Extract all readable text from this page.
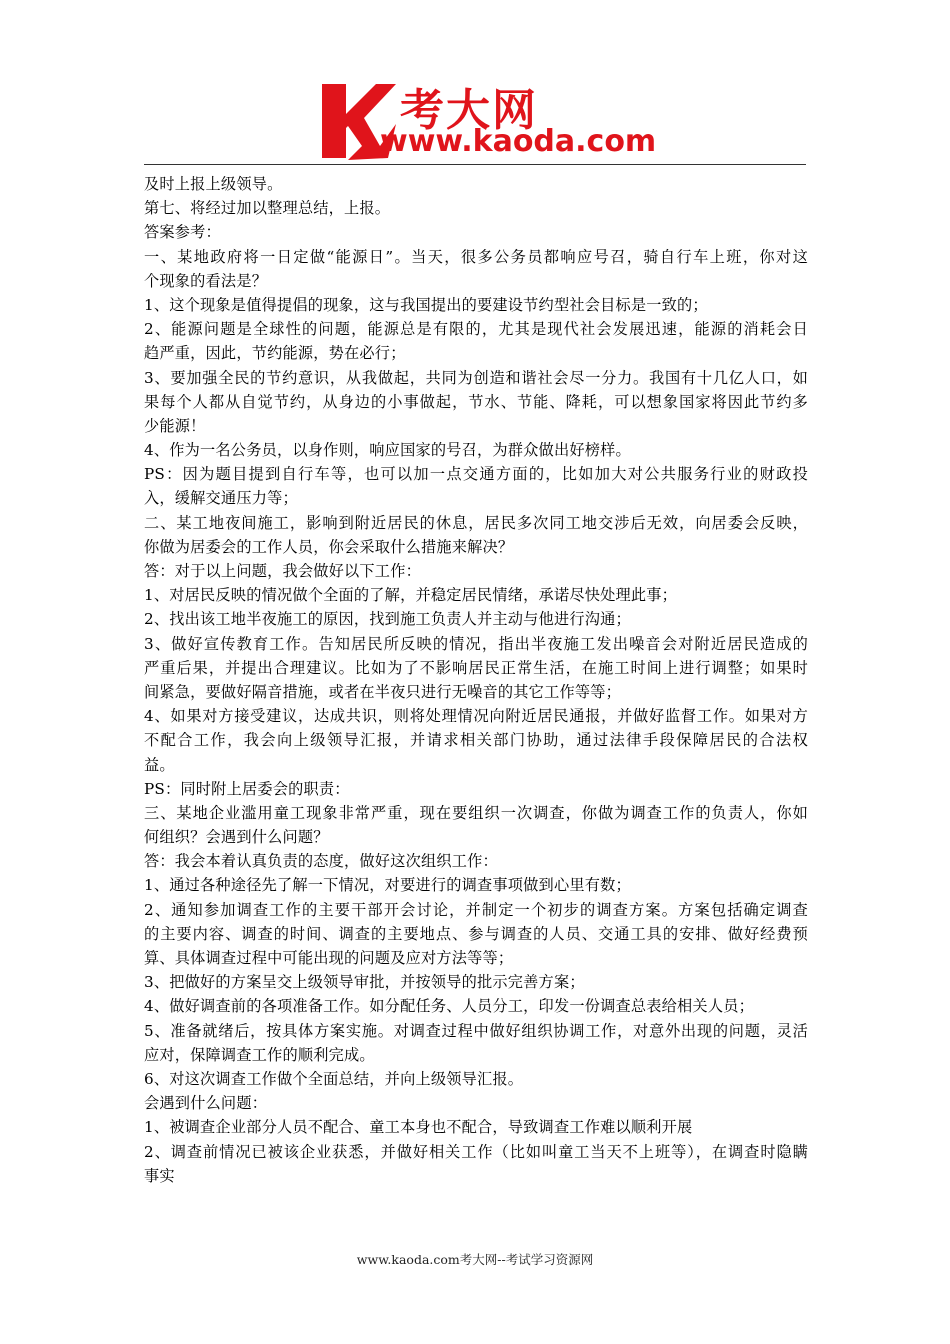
考大网
www.kaoda.com
及时上报上级领导。
第七、将经过加以整理总结，上报。
答案参考：
一、某地政府将一日定做“能源日”。当天，很多公务员都响应号召，骑自行车上班，你对这
个现象的看法是？
1、这个现象是值得提倡的现象，这与我国提出的要建设节约型社会目标是一致的；
2、能源问题是全球性的问题，能源总是有限的，尤其是现代社会发展迅速，能源的消耗会日
趋严重，因此，节约能源，势在必行；
3、要加强全民的节约意识，从我做起，共同为创造和谐社会尽一分力。我国有十几亿人口，如
果每个人都从自觉节约，从身边的小事做起，节水、节能、降耗，可以想象国家将因此节约多
少能源！
4、作为一名公务员，以身作则，响应国家的号召，为群众做出好榜样。
PS：因为题目提到自行车等，也可以加一点交通方面的，比如加大对公共服务行业的财政投
入，缓解交通压力等；
二、某工地夜间施工，影响到附近居民的休息，居民多次同工地交涉后无效，向居委会反映，
你做为居委会的工作人员，你会采取什么措施来解决？
答：对于以上问题，我会做好以下工作：
1、对居民反映的情况做个全面的了解，并稳定居民情绪，承诺尽快处理此事；
2、找出该工地半夜施工的原因，找到施工负责人并主动与他进行沟通；
3、做好宣传教育工作。告知居民所反映的情况，指出半夜施工发出噪音会对附近居民造成的
严重后果，并提出合理建议。比如为了不影响居民正常生活，在施工时间上进行调整；如果时
间紧急，要做好隔音措施，或者在半夜只进行无噪音的其它工作等等；
4、如果对方接受建议，达成共识，则将处理情况向附近居民通报，并做好监督工作。如果对方
不配合工作，我会向上级领导汇报，并请求相关部门协助，通过法律手段保障居民的合法权
益。
PS：同时附上居委会的职责：
三、某地企业滥用童工现象非常严重，现在要组织一次调查，你做为调查工作的负责人，你如
何组织？会遇到什么问题？
答：我会本着认真负责的态度，做好这次组织工作：
1、通过各种途径先了解一下情况，对要进行的调查事项做到心里有数；
2、通知参加调查工作的主要干部开会讨论，并制定一个初步的调查方案。方案包括确定调查
的主要内容、调查的时间、调查的主要地点、参与调查的人员、交通工具的安排、做好经费预
算、具体调查过程中可能出现的问题及应对方法等等；
3、把做好的方案呈交上级领导审批，并按领导的批示完善方案；
4、做好调查前的各项准备工作。如分配任务、人员分工，印发一份调查总表给相关人员；
5、准备就绪后，按具体方案实施。对调查过程中做好组织协调工作，对意外出现的问题，灵活
应对，保障调查工作的顺利完成。
6、对这次调查工作做个全面总结，并向上级领导汇报。
会遇到什么问题：
1、被调查企业部分人员不配合、童工本身也不配合，导致调查工作难以顺利开展
2、调查前情况已被该企业获悉，并做好相关工作（比如叫童工当天不上班等），在调查时隐瞒
事实
www.kaoda.com考大网--考试学习资源网
